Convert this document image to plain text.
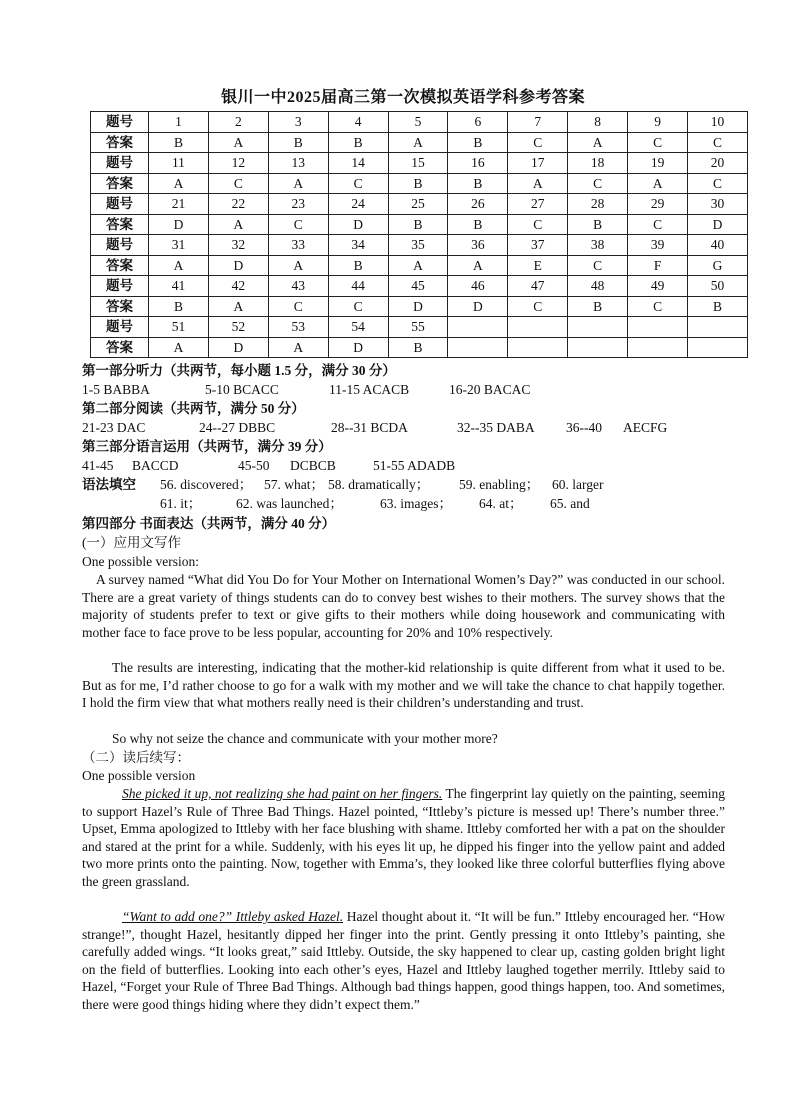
银川一中2025届高三第一次模拟英语学科参考答案
题号	1	2	3	4	5	6	7	8	9	10
答案	B	A	B	B	A	B	C	A	C	C
题号	11	12	13	14	15	16	17	18	19	20
答案	A	C	A	C	B	B	A	C	A	C
题号	21	22	23	24	25	26	27	28	29	30
答案	D	A	C	D	B	B	C	B	C	D
题号	31	32	33	34	35	36	37	38	39	40
答案	A	D	A	B	A	A	E	C	F	G
题号	41	42	43	44	45	46	47	48	49	50
答案	B	A	C	C	D	D	C	B	C	B
题号	51	52	53	54	55					
答案	A	D	A	D	B					
第一部分听力（共两节，每小题 1.5 分，满分 30 分）
1-5 BABBA	5-10 BCACC	11-15 ACACB	16-20 BACAC
第二部分阅读（共两节，满分 50 分）
21-23 DAC	24--27 DBBC	28--31 BCDA	32--35 DABA 36--40 AECFG
第三部分语言运用（共两节，满分 39 分）
41-45 BACCD	45-50 DCBCB	51-55 ADADB
语法填空 56. discovered； 57. what； 58. dramatically； 59. enabling； 60. larger
61. it；	62. was launched；	63. images； 64. at； 65. and
第四部分 书面表达（共两节，满分 40 分）
(一）应用文写作
One possible version:

A survey named “What did You Do for Your Mother on International Women’s Day?” was conducted in our school. There are a great variety of things students can do to convey best wishes to their mothers. The survey shows that the majority of students prefer to text or give gifts to their mothers while doing housework and communicating with mother face to face prove to be less popular, accounting for 20% and 10% respectively.

The results are interesting, indicating that the mother-kid relationship is quite different from what it used to be. But as for me, I’d rather choose to go for a walk with my mother and we will take the chance to chat happily together. I hold the firm view that what mothers really need is their children’s understanding and trust.

So why not seize the chance and communicate with your mother more?

（二）读后续写：
One possible version

She picked it up, not realizing she had paint on her fingers. The fingerprint lay quietly on the painting, seeming to support Hazel’s Rule of Three Bad Things. Hazel pointed, “Ittleby’s picture is messed up! There’s number three.” Upset, Emma apologized to Ittleby with her face blushing with shame. Ittleby comforted her with a pat on the shoulder and stared at the print for a while. Suddenly, with his eyes lit up, he dipped his finger into the yellow paint and added two more prints onto the painting. Now, together with Emma’s, they looked like three colorful butterflies flying above the green grassland.

“Want to add one?” Ittleby asked Hazel. Hazel thought about it. “It will be fun.” Ittleby encouraged her. “How strange!”, thought Hazel, hesitantly dipped her finger into the print. Gently pressing it onto Ittleby’s painting, she carefully added wings. “It looks great,” said Ittleby. Outside, the sky happened to clear up, casting golden bright light on the field of butterflies. Looking into each other’s eyes, Hazel and Ittleby laughed together merrily. Ittleby said to Hazel, “Forget your Rule of Three Bad Things. Although bad things happen, good things happen, too. And sometimes, there were good things hiding where they didn’t expect them.”
